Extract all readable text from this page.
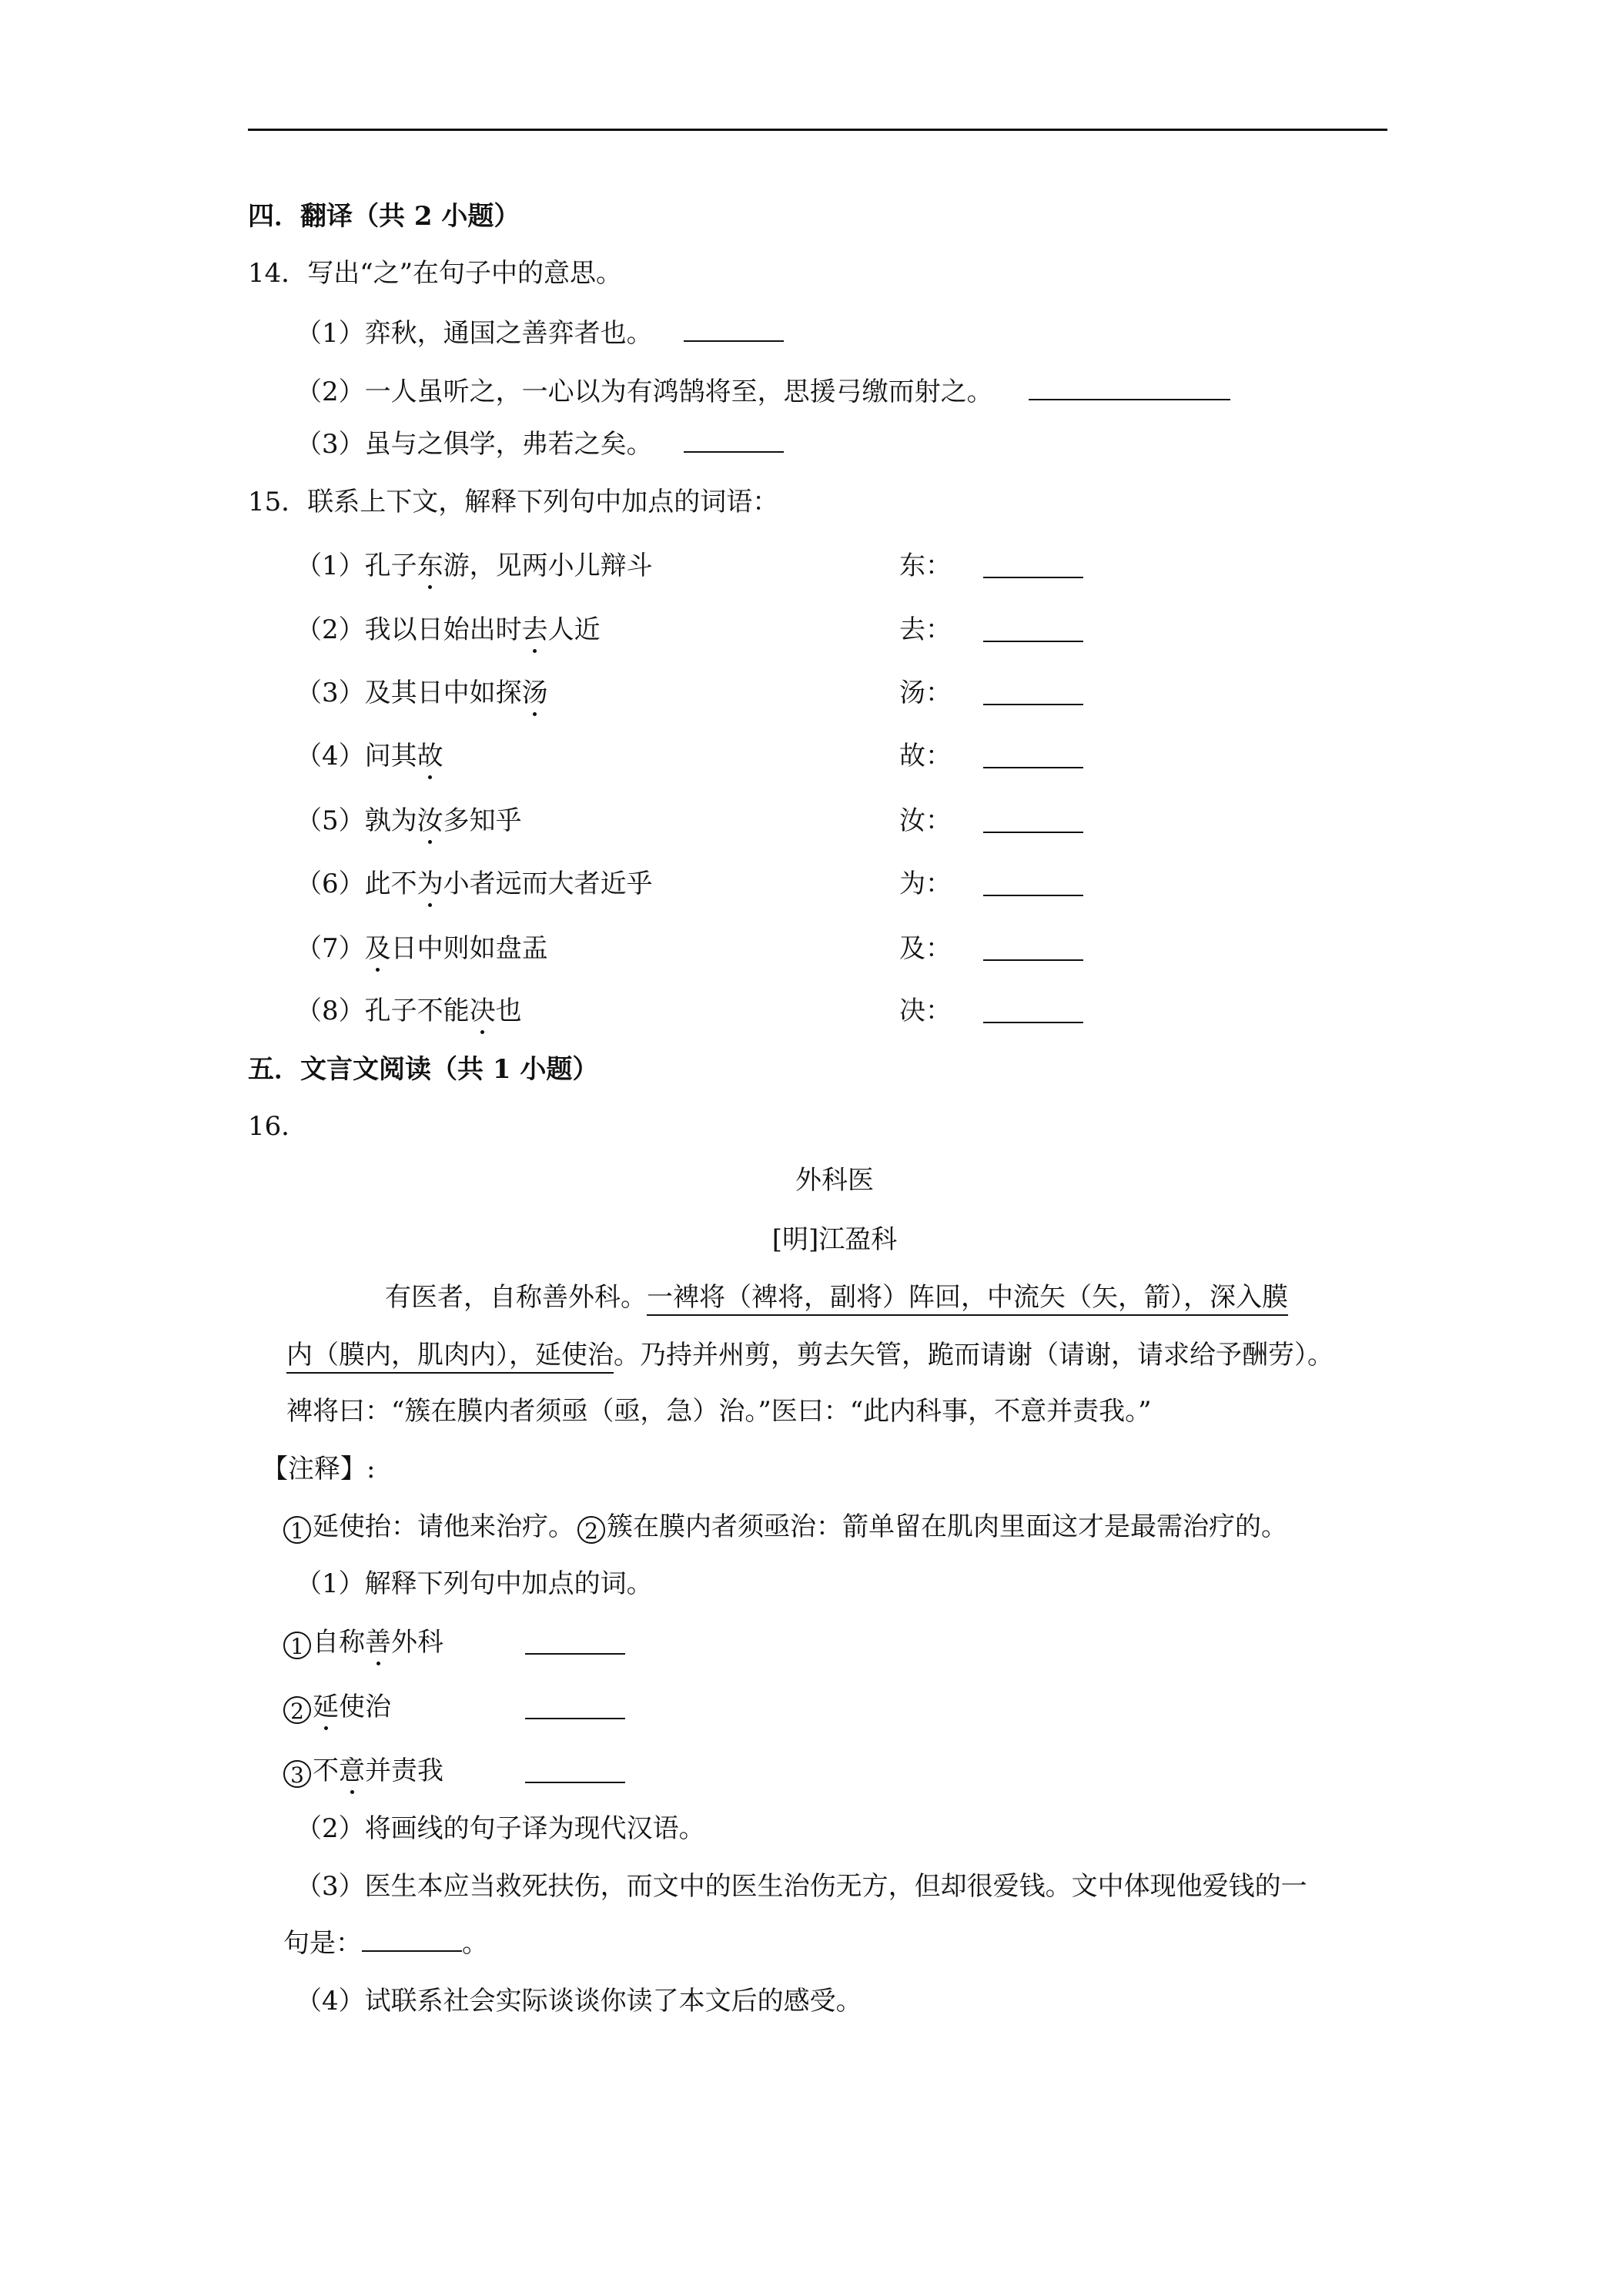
四．翻译（共 2 小题）
14．写出“之”在句子中的意思。
（1）弈秋，通国之善弈者也。
（2）一人虽听之，一心以为有鸿鹄将至，思援弓缴而射之。
（3）虽与之俱学，弗若之矣。
15．联系上下文，解释下列句中加点的词语：
（1）孔子东游，见两小儿辩斗	东：
（2）我以日始出时去人近	去：
（3）及其日中如探汤	汤：
（4）问其故	故：
（5）孰为汝多知乎	汝：
（6）此不为小者远而大者近乎	为：
（7）及日中则如盘盂	及：
（8）孔子不能决也	决：
五．文言文阅读（共 1 小题）
16．
外科医
[明]江盈科
有医者，自称善外科。一裨将（裨将，副将）阵回，中流矢（矢，箭），深入膜
内（膜内，肌肉内），延使治。乃持并州剪，剪去矢管，跪而请谢（请谢，请求给予酬劳）。
裨将曰：“簇在膜内者须亟（亟，急）治。”医曰：“此内科事，不意并责我。”
【注释】:
1 延使抬：请他来治疗。 2 簇在膜内者须亟治：箭单留在肌肉里面这才是最需治疗的。
（1）解释下列句中加点的词。
1 自称善外科
2 延使治
3 不意并责我
（2）将画线的句子译为现代汉语。
（3）医生本应当救死扶伤，而文中的医生治伤无方，但却很爱钱。文中体现他爱钱的一
句是：	。
（4）试联系社会实际谈谈你读了本文后的感受。
